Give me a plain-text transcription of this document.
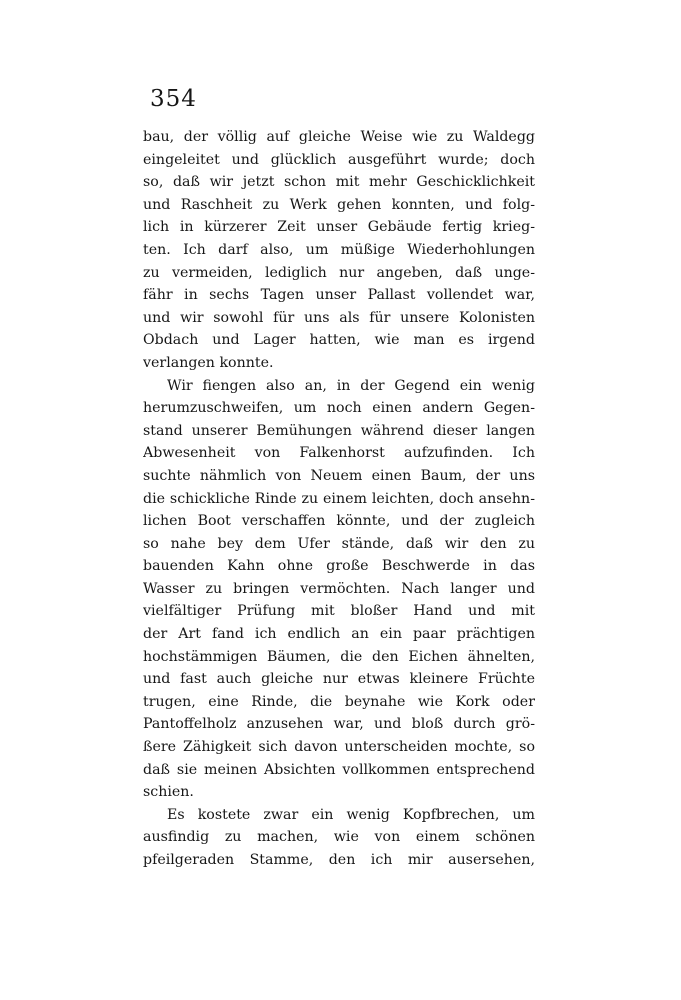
354
bau, der völlig auf gleiche Weise wie zu Waldegg
eingeleitet und glücklich ausgeführt wurde; doch
so, daß wir jetzt schon mit mehr Geschicklichkeit
und Raschheit zu Werk gehen konnten, und folg-
lich in kürzerer Zeit unser Gebäude fertig krieg-
ten. Ich darf also, um müßige Wiederhohlungen
zu vermeiden, lediglich nur angeben, daß unge-
fähr in sechs Tagen unser Pallast vollendet war,
und wir sowohl für uns als für unsere Kolonisten
Obdach und Lager hatten, wie man es irgend
verlangen konnte.
Wir fiengen also an, in der Gegend ein wenig
herumzuschweifen, um noch einen andern Gegen-
stand unserer Bemühungen während dieser langen
Abwesenheit von Falkenhorst aufzufinden. Ich
suchte nähmlich von Neuem einen Baum, der uns
die schickliche Rinde zu einem leichten, doch ansehn-
lichen Boot verschaffen könnte, und der zugleich
so nahe bey dem Ufer stände, daß wir den zu
bauenden Kahn ohne große Beschwerde in das
Wasser zu bringen vermöchten. Nach langer und
vielfältiger Prüfung mit bloßer Hand und mit
der Art fand ich endlich an ein paar prächtigen
hochstämmigen Bäumen, die den Eichen ähnelten,
und fast auch gleiche nur etwas kleinere Früchte
trugen, eine Rinde, die beynahe wie Kork oder
Pantoffelholz anzusehen war, und bloß durch grö-
ßere Zähigkeit sich davon unterscheiden mochte, so
daß sie meinen Absichten vollkommen entsprechend
schien.
Es kostete zwar ein wenig Kopfbrechen, um
ausfindig zu machen, wie von einem schönen
pfeilgeraden Stamme, den ich mir ausersehen,
